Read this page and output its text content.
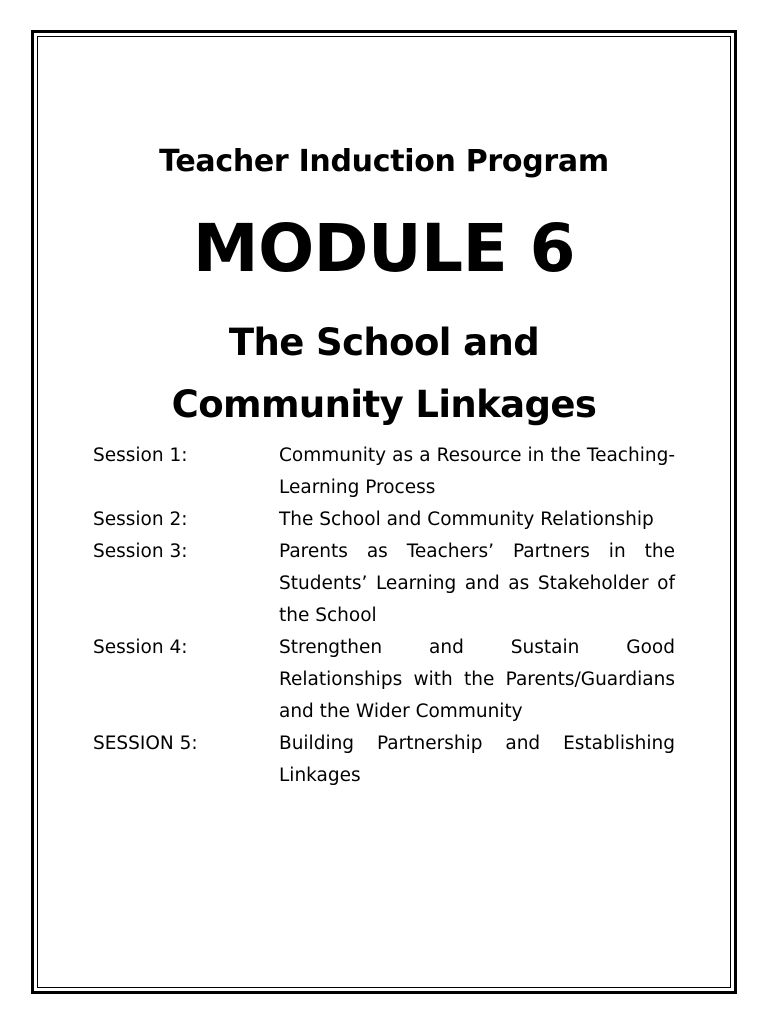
Teacher Induction Program
MODULE 6
The School and
Community Linkages
Session 1:	Community as a Resource in the Teaching-Learning Process
Session 2:	The School and Community Relationship
Session 3:	Parents as Teachers’ Partners in the Students’ Learning and as Stakeholder of the School
Session 4:	Strengthen and Sustain Good Relationships with the Parents/Guardians and the Wider Community
SESSION 5:	Building Partnership and Establishing Linkages
